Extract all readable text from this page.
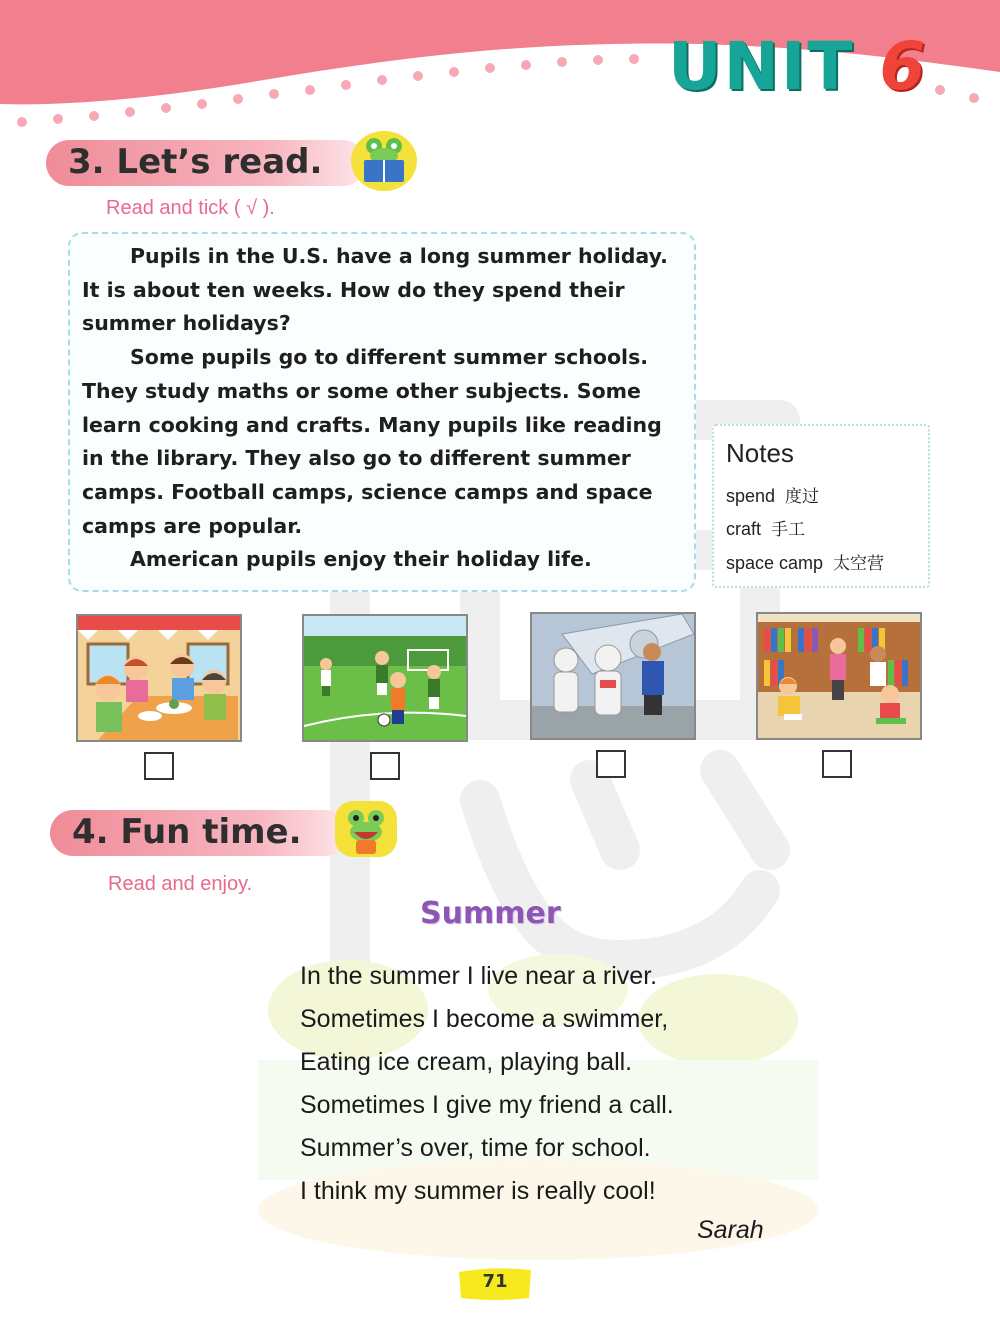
UNIT 6
3. Let’s read.
Read and tick ( √ ).

Pupils in the U.S. have a long summer holiday. It is about ten weeks. How do they spend their summer holidays?

Some pupils go to different summer schools. They study maths or some other subjects. Some learn cooking and crafts. Many pupils like reading in the library. They also go to different summer camps. Football camps, science camps and space camps are popular.

American pupils enjoy their holiday life.

Notes
spend 度过
craft 手工
space camp 太空营
4. Fun time.
Read and enjoy.
Summer
In the summer I live near a river.
Sometimes I become a swimmer,
Eating ice cream, playing ball.
Sometimes I give my friend a call.
Summer’s over, time for school.
I think my summer is really cool!
Sarah
71
